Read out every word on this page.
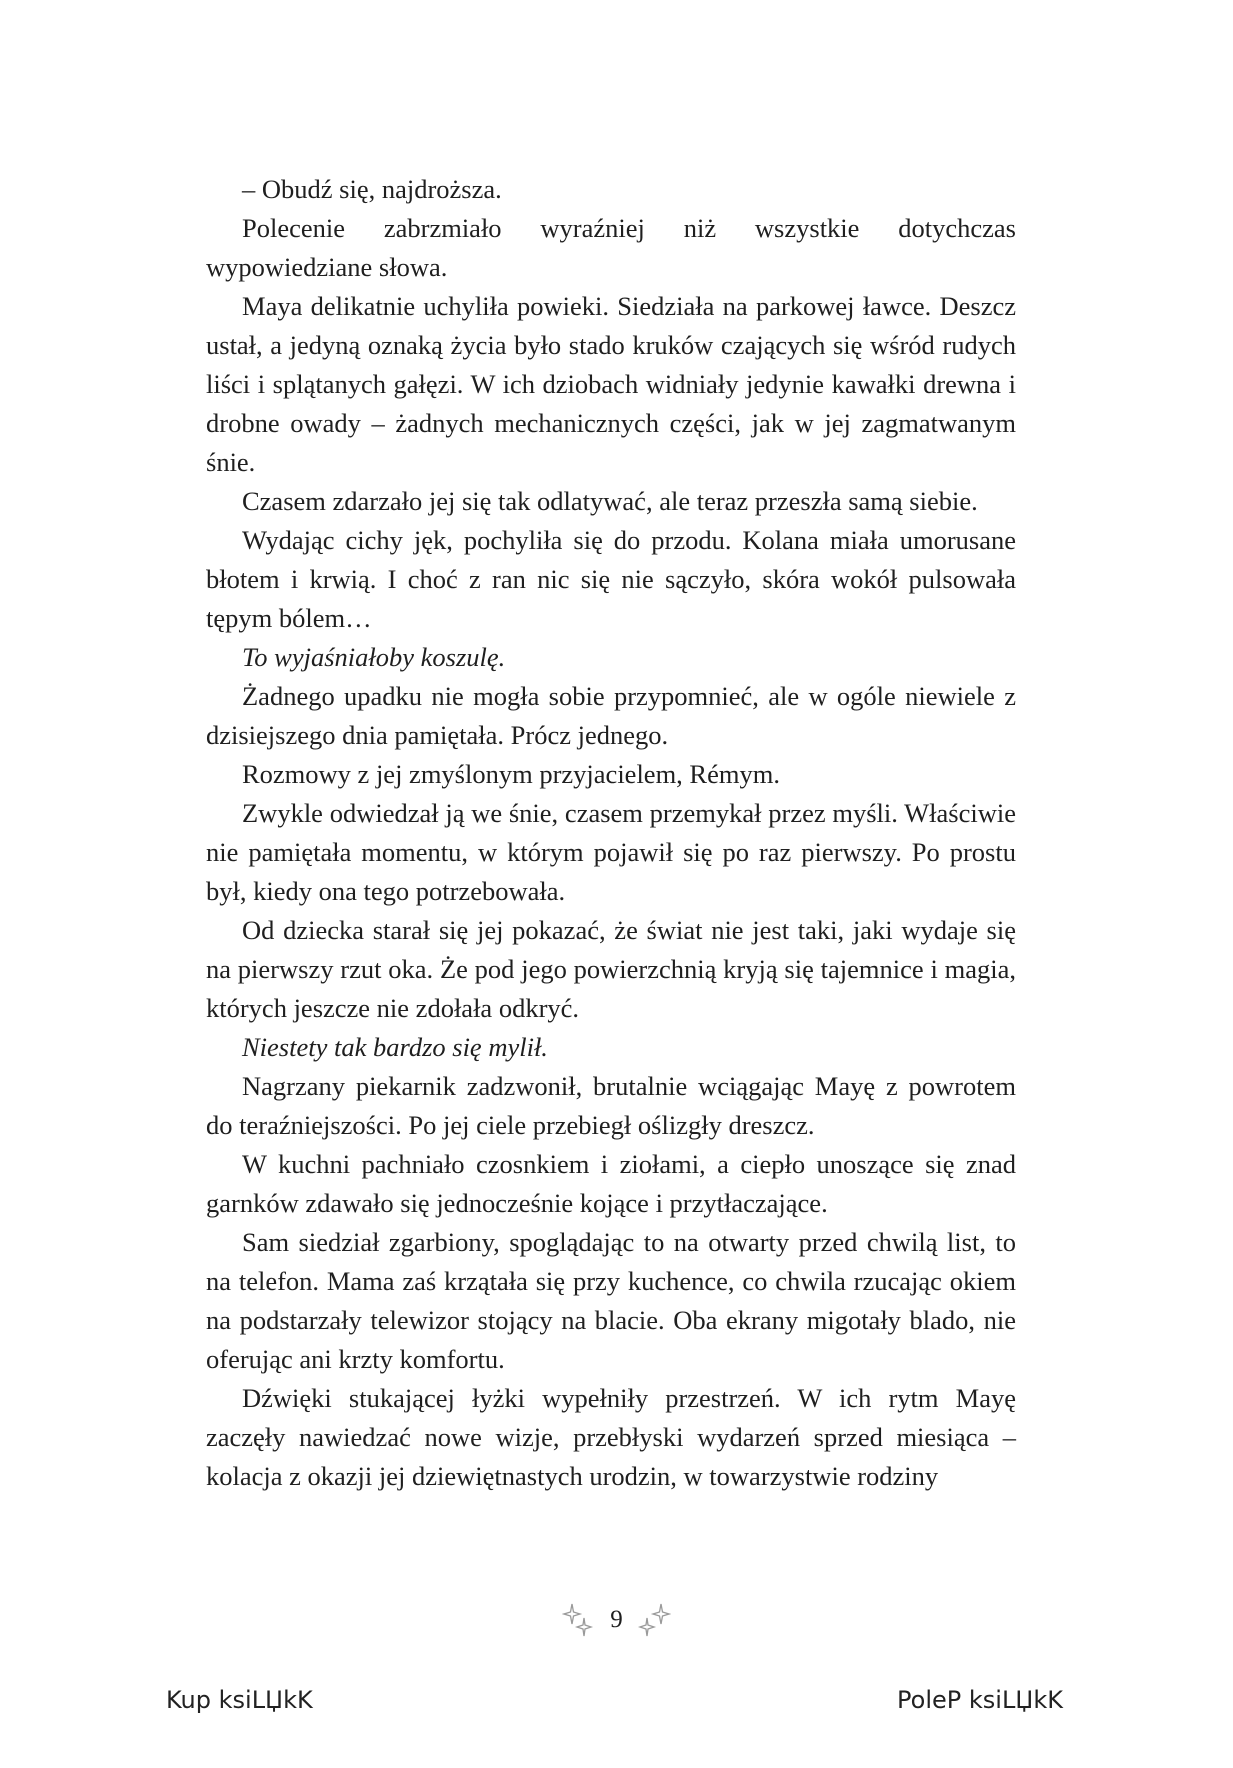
– Obudź się, najdroższa.

Polecenie zabrzmiało wyraźniej niż wszystkie dotychczas wypowiedziane słowa.

Maya delikatnie uchyliła powieki. Siedziała na parkowej ławce. Deszcz ustał, a jedyną oznaką życia było stado kruków czających się wśród rudych liści i splątanych gałęzi. W ich dziobach widniały jedynie kawałki drewna i drobne owady – żadnych mechanicznych części, jak w jej zagmatwanym śnie.

Czasem zdarzało jej się tak odlatywać, ale teraz przeszła samą siebie.

Wydając cichy jęk, pochyliła się do przodu. Kolana miała umorusane błotem i krwią. I choć z ran nic się nie sączyło, skóra wokół pulsowała tępym bólem…

To wyjaśniałoby koszulę.

Żadnego upadku nie mogła sobie przypomnieć, ale w ogóle niewiele z dzisiejszego dnia pamiętała. Prócz jednego.

Rozmowy z jej zmyślonym przyjacielem, Rémym.

Zwykle odwiedzał ją we śnie, czasem przemykał przez myśli. Właściwie nie pamiętała momentu, w którym pojawił się po raz pierwszy. Po prostu był, kiedy ona tego potrzebowała.

Od dziecka starał się jej pokazać, że świat nie jest taki, jaki wydaje się na pierwszy rzut oka. Że pod jego powierzchnią kryją się tajemnice i magia, których jeszcze nie zdołała odkryć.

Niestety tak bardzo się mylił.

Nagrzany piekarnik zadzwonił, brutalnie wciągając Mayę z powrotem do teraźniejszości. Po jej ciele przebiegł oślizgły dreszcz.

W kuchni pachniało czosnkiem i ziołami, a ciepło unoszące się znad garnków zdawało się jednocześnie kojące i przytłaczające.

Sam siedział zgarbiony, spoglądając to na otwarty przed chwilą list, to na telefon. Mama zaś krzątała się przy kuchence, co chwila rzucając okiem na podstarzały telewizor stojący na blacie. Oba ekrany migotały blado, nie oferując ani krzty komfortu.

Dźwięki stukającej łyżki wypełniły przestrzeń. W ich rytm Mayę zaczęły nawiedzać nowe wizje, przebłyski wydarzeń sprzed miesiąca – kolacja z okazji jej dziewiętnastych urodzin, w towarzystwie rodziny

9
Kup ksiLЏkK	PoleP ksiLЏkK
